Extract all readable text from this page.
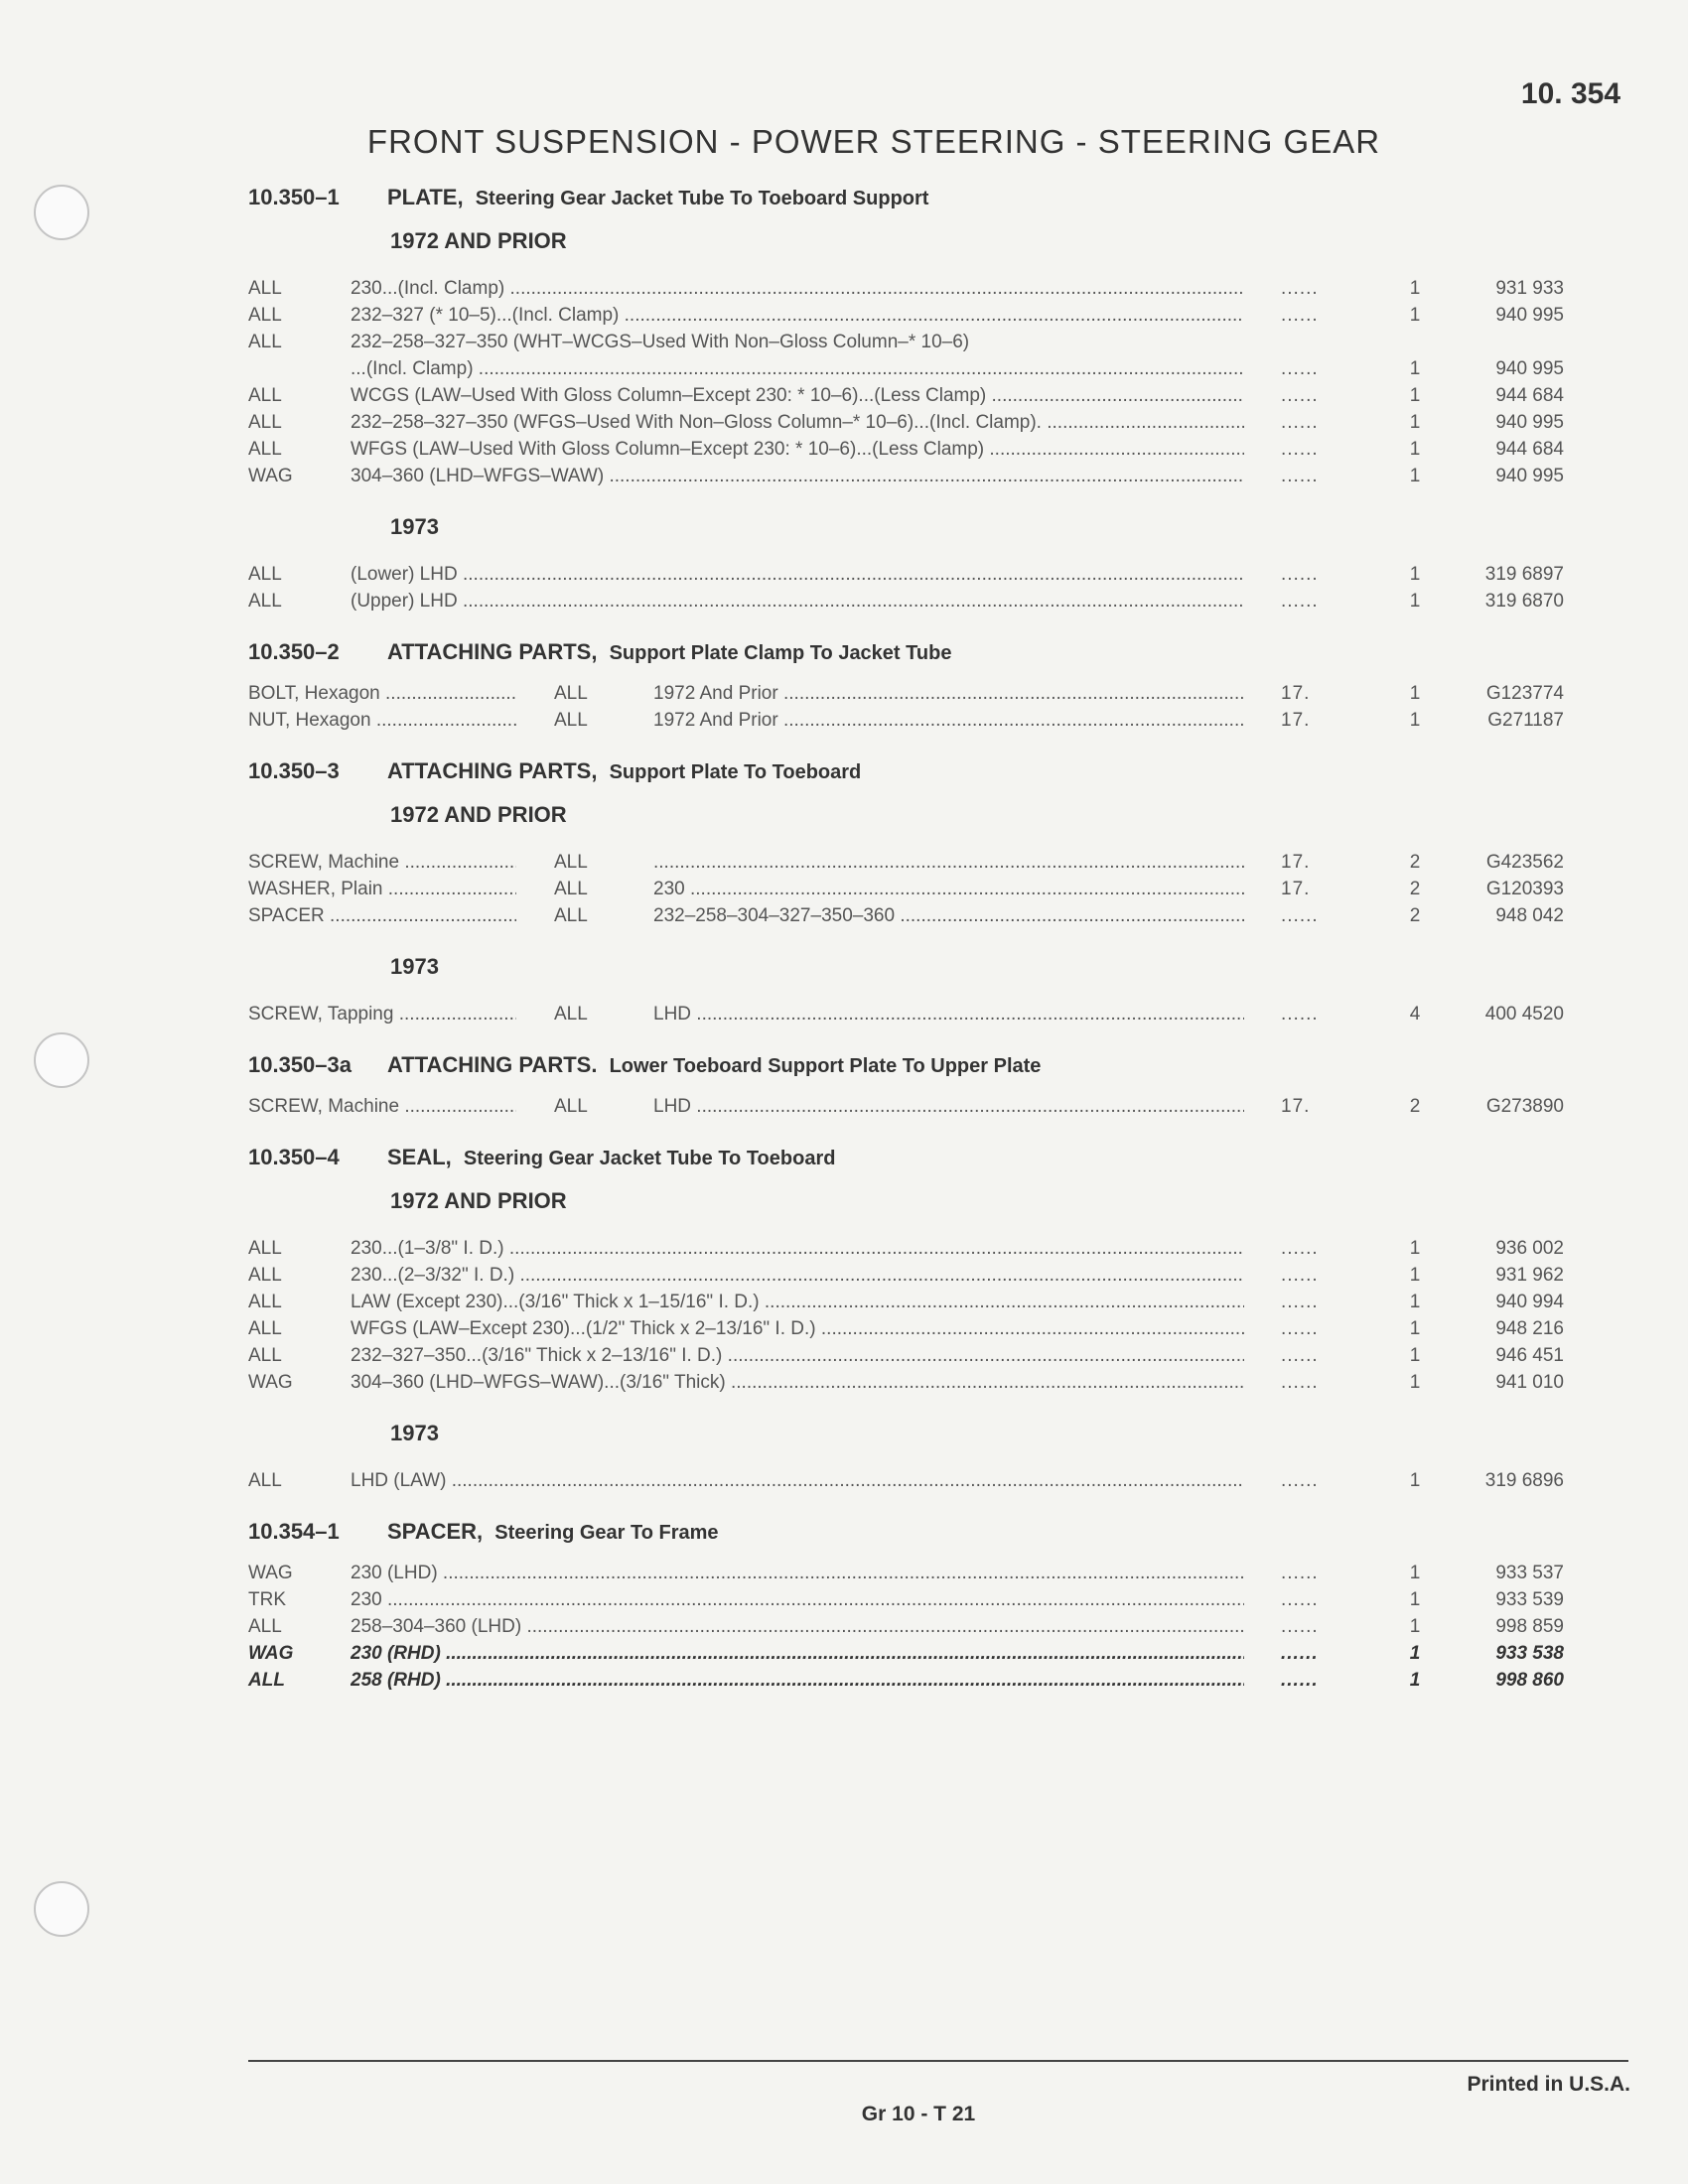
10. 354
FRONT SUSPENSION - POWER STEERING - STEERING GEAR
10.350–1 PLATE, Steering Gear Jacket Tube To Toeboard Support
1972 AND PRIOR
ALL	230...(Incl. Clamp) .....	......	1	931 933
ALL	232–327 (* 10–5)...(Incl. Clamp) .....	......	1	940 995
ALL	232–258–327–350 (WHT–WCGS–Used With Non–Gloss Column–* 10–6)
...(Incl. Clamp) .....	......	1	940 995
ALL	WCGS (LAW–Used With Gloss Column–Except 230: * 10–6)...(Less Clamp) .....	......	1	944 684
ALL	232–258–327–350 (WFGS–Used With Non–Gloss Column–* 10–6)...(Incl. Clamp). .....	......	1	940 995
ALL	WFGS (LAW–Used With Gloss Column–Except 230: * 10–6)...(Less Clamp) .....	......	1	944 684
WAG	304–360 (LHD–WFGS–WAW) .....	......	1	940 995
1973
ALL	(Lower) LHD .....	......	1	319 6897
ALL	(Upper) LHD .....	......	1	319 6870
10.350–2 ATTACHING PARTS, Support Plate Clamp To Jacket Tube
BOLT, Hexagon .....	ALL	1972 And Prior .....	17.	1	G123774
NUT, Hexagon .....	ALL	1972 And Prior .....	17.	1	G271187
10.350–3 ATTACHING PARTS, Support Plate To Toeboard
1972 AND PRIOR
SCREW, Machine .....	ALL
.....	17.	2	G423562
WASHER, Plain .....	ALL	230 .....	17.	2	G120393
SPACER .....	ALL	232–258–304–327–350–360 .....	......	2	948 042
1973
SCREW, Tapping .....	ALL	LHD .....	......	4	400 4520
10.350–3a ATTACHING PARTS. Lower Toeboard Support Plate To Upper Plate
SCREW, Machine .....	ALL	LHD .....	17.	2	G273890
10.350–4 SEAL, Steering Gear Jacket Tube To Toeboard
1972 AND PRIOR
ALL	230...(1–3/8" I. D.) .....	......	1	936 002
ALL	230...(2–3/32" I. D.) .....	......	1	931 962
ALL	LAW (Except 230)...(3/16" Thick x 1–15/16" I. D.) .....	......	1	940 994
ALL	WFGS (LAW–Except 230)...(1/2" Thick x 2–13/16" I. D.) .....	......	1	948 216
ALL	232–327–350...(3/16" Thick x 2–13/16" I. D.) .....	......	1	946 451
WAG	304–360 (LHD–WFGS–WAW)...(3/16" Thick) .....	......	1	941 010
1973
ALL	LHD (LAW) .....	......	1	319 6896
10.354–1 SPACER, Steering Gear To Frame
WAG	230 (LHD) .....	......	1	933 537
TRK	230 .....	......	1	933 539
ALL	258–304–360 (LHD) .....	......	1	998 859
WAG	230 (RHD) .....	......	1	933 538
ALL	258 (RHD) .....	......	1	998 860
Printed in U.S.A.
Gr 10 - T 21
